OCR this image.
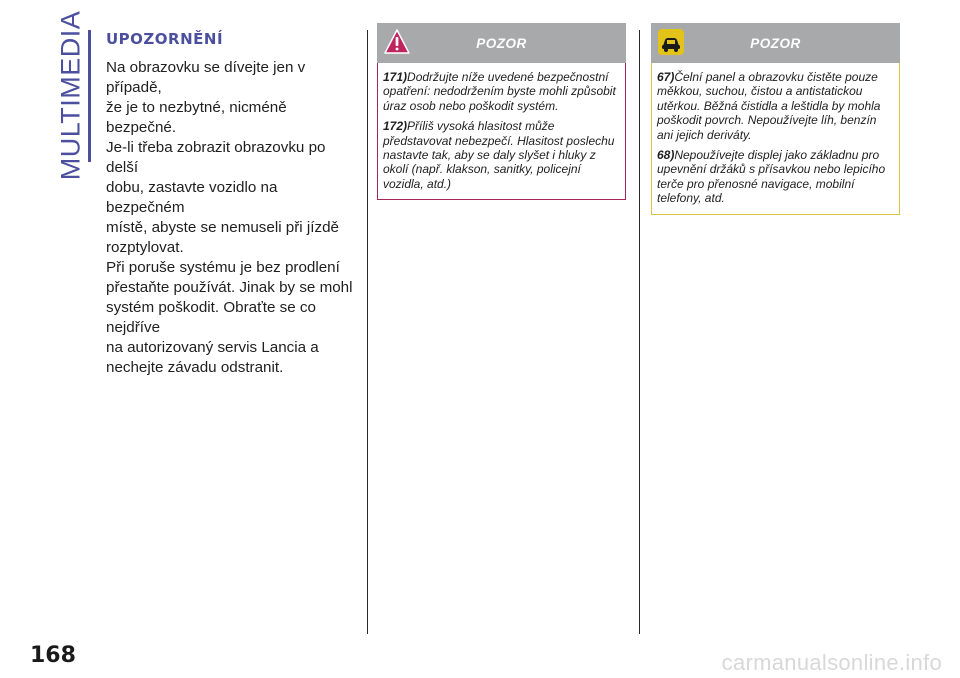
MULTIMEDIA UPOZORNĚNÍ
Na obrazovku se dívejte jen v případě,
že je to nezbytné, nicméně bezpečné.
Je-li třeba zobrazit obrazovku po delší
dobu, zastavte vozidlo na bezpečném
místě, abyste se nemuseli při jízdě
rozptylovat.
Při poruše systému je bez prodlení
přestaňte používát. Jinak by se mohl
systém poškodit. Obraťte se co nejdříve
na autorizovaný servis Lancia a
nechejte závadu odstranit.
POZOR

171)Dodržujte níže uvedené bezpečnostní opatření: nedodržením byste mohli způsobit úraz osob nebo poškodit systém.

172)Příliš vysoká hlasitost může představovat nebezpečí. Hlasitost poslechu nastavte tak, aby se daly slyšet i hluky z okolí (např. klakson, sanitky, policejní vozidla, atd.)

POZOR

67)Čelní panel a obrazovku čistěte pouze měkkou, suchou, čistou a antistatickou utěrkou. Běžná čistidla a leštidla by mohla poškodit povrch. Nepoužívejte líh, benzín ani jejich deriváty.

68)Nepoužívejte displej jako základnu pro upevnění držáků s přísavkou nebo lepicího terče pro přenosné navigace, mobilní telefony, atd.

168	carmanualsonline.info
